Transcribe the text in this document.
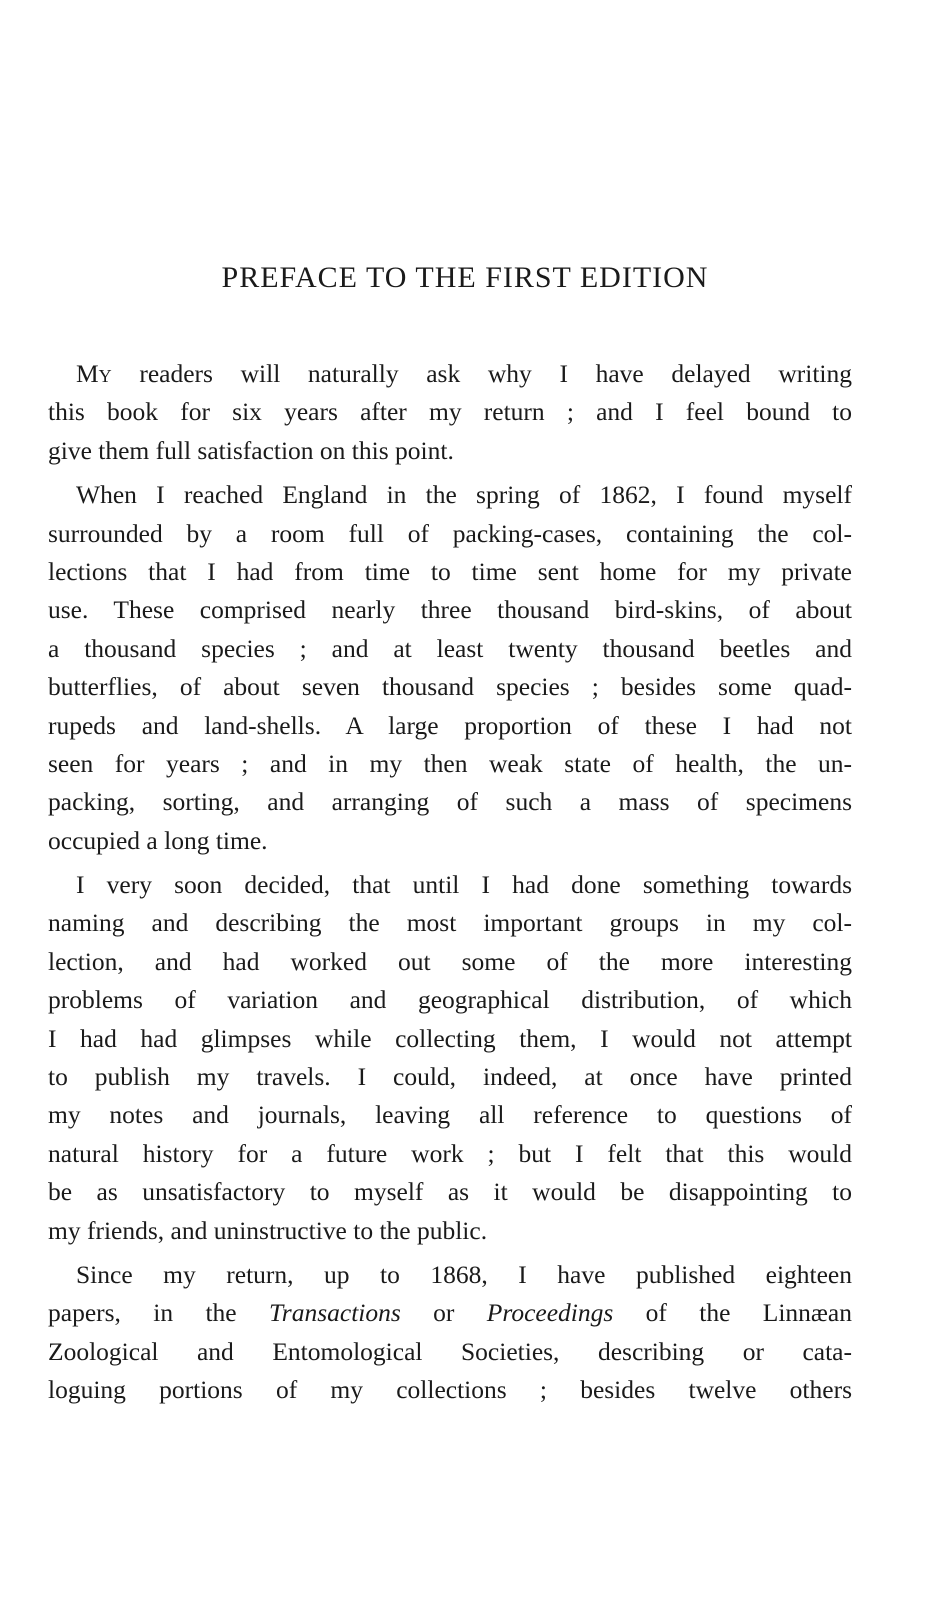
PREFACE TO THE FIRST EDITION
My readers will naturally ask why I have delayed writing
this book for six years after my return ; and I feel bound to
give them full satisfaction on this point.
When I reached England in the spring of 1862, I found myself
surrounded by a room full of packing-cases, containing the col-
lections that I had from time to time sent home for my private
use. These comprised nearly three thousand bird-skins, of about
a thousand species ; and at least twenty thousand beetles and
butterflies, of about seven thousand species ; besides some quad-
rupeds and land-shells. A large proportion of these I had not
seen for years ; and in my then weak state of health, the un-
packing, sorting, and arranging of such a mass of specimens
occupied a long time.
I very soon decided, that until I had done something towards
naming and describing the most important groups in my col-
lection, and had worked out some of the more interesting
problems of variation and geographical distribution, of which
I had had glimpses while collecting them, I would not attempt
to publish my travels. I could, indeed, at once have printed
my notes and journals, leaving all reference to questions of
natural history for a future work ; but I felt that this would
be as unsatisfactory to myself as it would be disappointing to
my friends, and uninstructive to the public.
Since my return, up to 1868, I have published eighteen
papers, in the Transactions or Proceedings of the Linnæan
Zoological and Entomological Societies, describing or cata-
loguing portions of my collections ; besides twelve others
